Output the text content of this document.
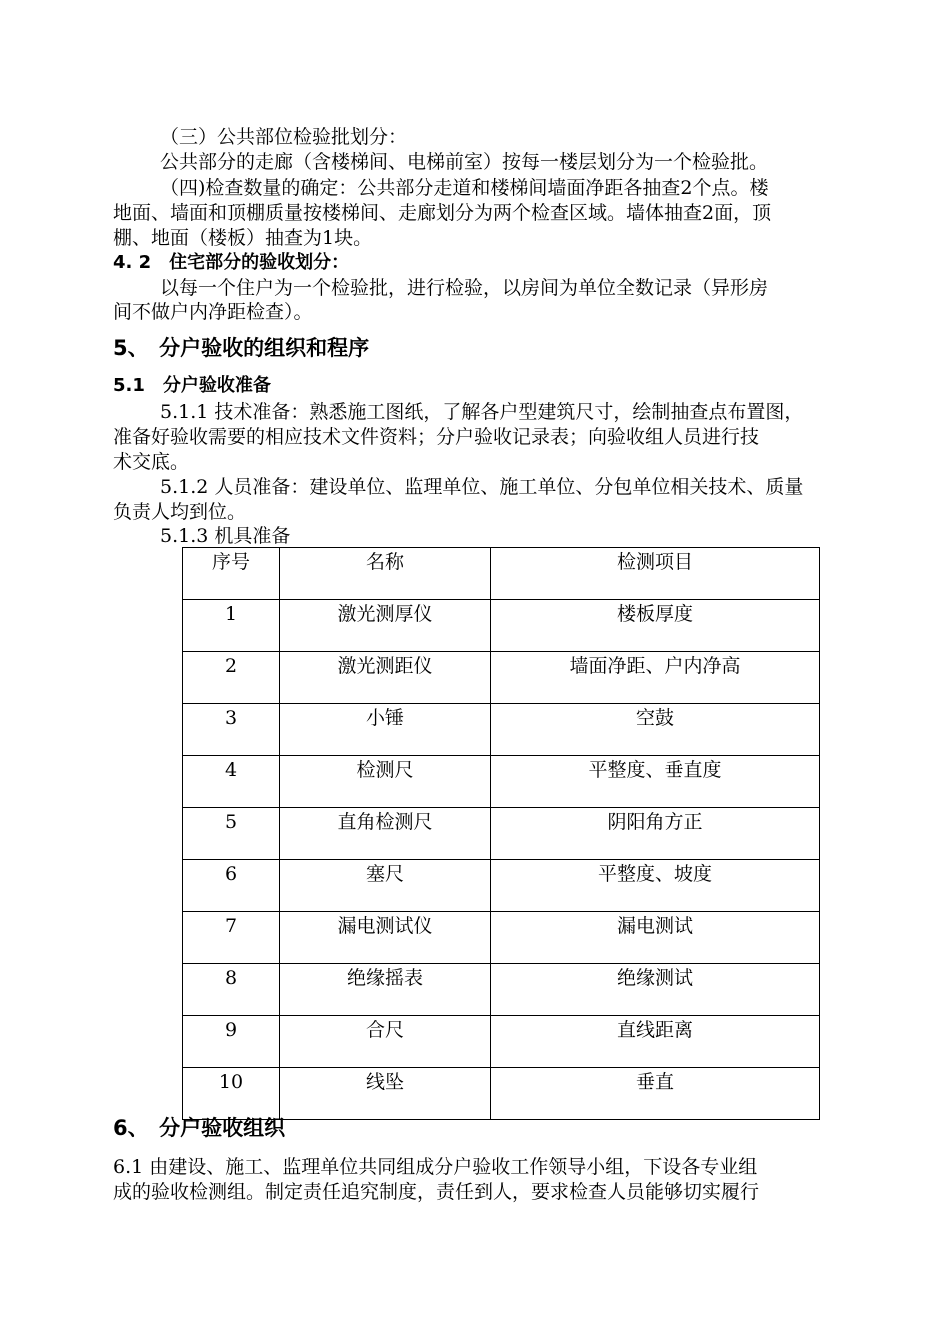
（三）公共部位检验批划分：
公共部分的走廊（含楼梯间、电梯前室）按每一楼层划分为一个检验批。
（四)检查数量的确定：公共部分走道和楼梯间墙面净距各抽查2个点。楼
地面、墙面和顶棚质量按楼梯间、走廊划分为两个检查区域。墙体抽查2面，顶
棚、地面（楼板）抽查为1块。
4. 2　住宅部分的验收划分：
以每一个住户为一个检验批，进行检验，以房间为单位全数记录（异形房
间不做户内净距检查）。
5、　分户验收的组织和程序
5.1　分户验收准备
5.1.1 技术准备：熟悉施工图纸，了解各户型建筑尺寸，绘制抽查点布置图，
准备好验收需要的相应技术文件资料；分户验收记录表；向验收组人员进行技
术交底。
5.1.2 人员准备：建设单位、监理单位、施工单位、分包单位相关技术、质量
负责人均到位。
5.1.3 机具准备
序号	名称	检测项目
1	激光测厚仪	楼板厚度
2	激光测距仪	墙面净距、户内净高
3	小锤	空鼓
4	检测尺	平整度、垂直度
5	直角检测尺	阴阳角方正
6	塞尺	平整度、坡度
7	漏电测试仪	漏电测试
8	绝缘摇表	绝缘测试
9	合尺	直线距离
10	线坠	垂直
6、　分户验收组织
6.1 由建设、施工、监理单位共同组成分户验收工作领导小组，下设各专业组
成的验收检测组。制定责任追究制度，责任到人，要求检查人员能够切实履行
